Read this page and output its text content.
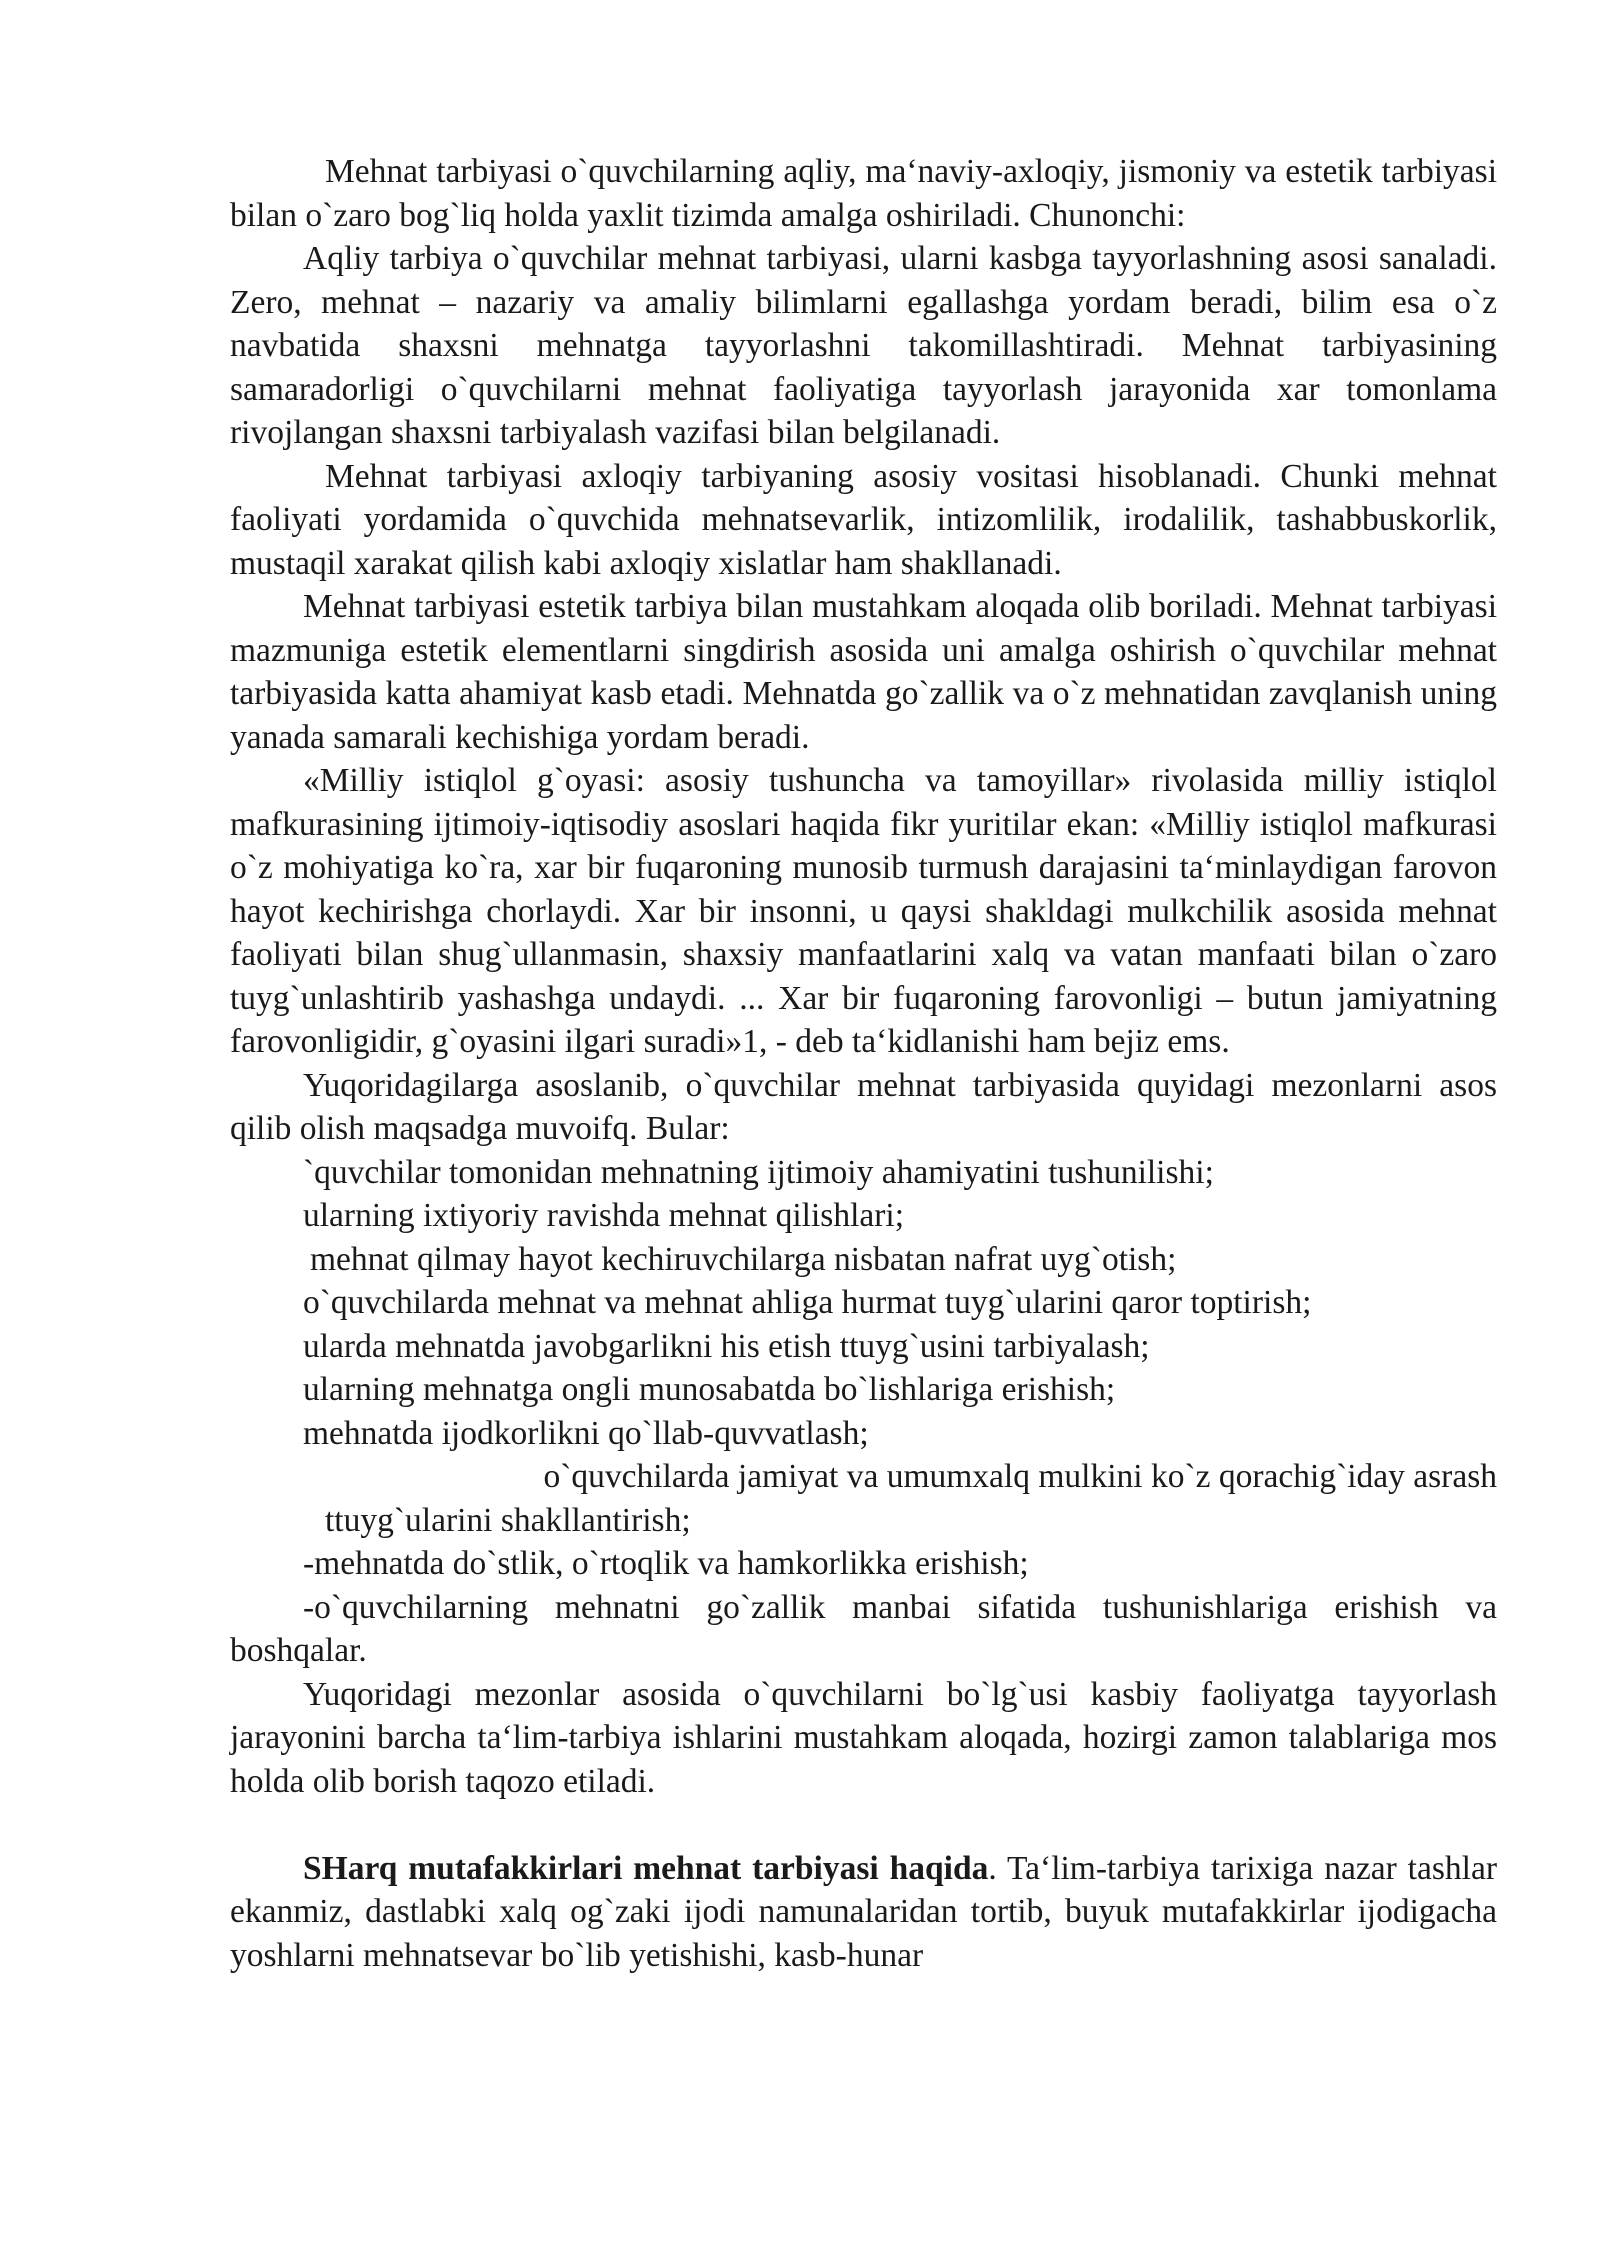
Mehnat tarbiyasi o`quvchilarning aqliy, ma‘naviy-axloqiy, jismoniy va estetik tarbiyasi bilan o`zaro bog`liq holda yaxlit tizimda amalga oshiriladi. Chunonchi:

Aqliy tarbiya o`quvchilar mehnat tarbiyasi, ularni kasbga tayyorlashning asosi sanaladi. Zero, mehnat – nazariy va amaliy bilimlarni egallashga yordam beradi, bilim esa o`z navbatida shaxsni mehnatga tayyorlashni takomillashtiradi. Mehnat tarbiyasining samaradorligi o`quvchilarni mehnat faoliyatiga tayyorlash jarayonida xar tomonlama rivojlangan shaxsni tarbiyalash vazifasi bilan belgilanadi.

Mehnat tarbiyasi axloqiy tarbiyaning asosiy vositasi hisoblanadi. Chunki mehnat faoliyati yordamida o`quvchida mehnatsevarlik, intizomlilik, irodalilik, tashabbuskorlik, mustaqil xarakat qilish kabi axloqiy xislatlar ham shakllanadi.

Mehnat tarbiyasi estetik tarbiya bilan mustahkam aloqada olib boriladi. Mehnat tarbiyasi mazmuniga estetik elementlarni singdirish asosida uni amalga oshirish o`quvchilar mehnat tarbiyasida katta ahamiyat kasb etadi. Mehnatda go`zallik va o`z mehnatidan zavqlanish uning yanada samarali kechishiga yordam beradi.

«Milliy istiqlol g`oyasi: asosiy tushuncha va tamoyillar» rivolasida milliy istiqlol mafkurasining ijtimoiy-iqtisodiy asoslari haqida fikr yuritilar ekan: «Milliy istiqlol mafkurasi o`z mohiyatiga ko`ra, xar bir fuqaroning munosib turmush darajasini ta‘minlaydigan farovon hayot kechirishga chorlaydi. Xar bir insonni, u qaysi shakldagi mulkchilik asosida mehnat faoliyati bilan shug`ullanmasin, shaxsiy manfaatlarini xalq va vatan manfaati bilan o`zaro tuyg`unlashtirib yashashga undaydi. ... Xar bir fuqaroning farovonligi – butun jamiyatning farovonligidir, g`oyasini ilgari suradi»1, - deb ta‘kidlanishi ham bejiz ems.

Yuqoridagilarga asoslanib, o`quvchilar mehnat tarbiyasida quyidagi mezonlarni asos qilib olish maqsadga muvoifq. Bular:

`quvchilar tomonidan mehnatning ijtimoiy ahamiyatini tushunilishi;

ularning ixtiyoriy ravishda mehnat qilishlari;

mehnat qilmay hayot kechiruvchilarga nisbatan nafrat uyg`otish;

o`quvchilarda mehnat va mehnat ahliga hurmat tuyg`ularini qaror toptirish;

ularda mehnatda javobgarlikni his etish ttuyg`usini tarbiyalash;

ularning mehnatga ongli munosabatda bo`lishlariga erishish;

mehnatda ijodkorlikni qo`llab-quvvatlash;

o`quvchilarda jamiyat va umumxalq mulkini ko`z qorachig`iday asrash
ttuyg`ularini shakllantirish;

-mehnatda do`stlik, o`rtoqlik va hamkorlikka erishish;

-o`quvchilarning mehnatni go`zallik manbai sifatida tushunishlariga erishish va boshqalar.

Yuqoridagi mezonlar asosida o`quvchilarni bo`lg`usi kasbiy faoliyatga tayyorlash jarayonini barcha ta‘lim-tarbiya ishlarini mustahkam aloqada, hozirgi zamon talablariga mos holda olib borish taqozo etiladi.

SHarq mutafakkirlari mehnat tarbiyasi haqida. Ta‘lim-tarbiya tarixiga nazar tashlar ekanmiz, dastlabki xalq og`zaki ijodi namunalaridan tortib, buyuk mutafakkirlar ijodigacha yoshlarni mehnatsevar bo`lib yetishishi, kasb-hunar
